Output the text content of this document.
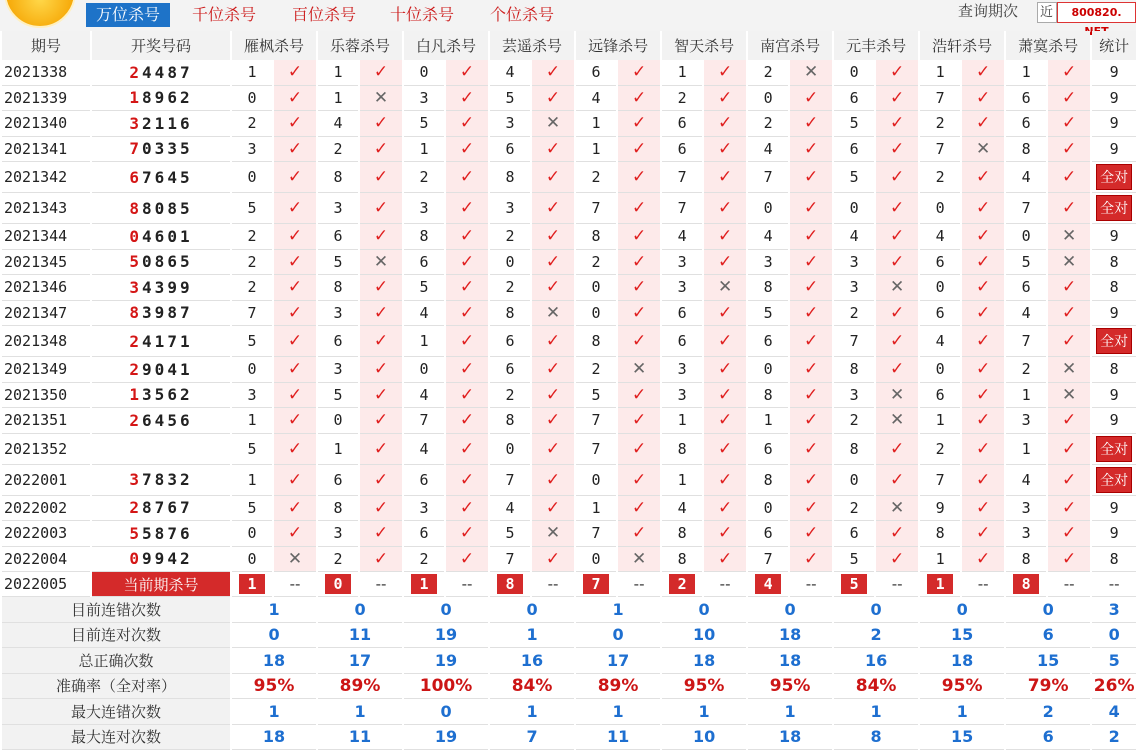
万位杀号	千位杀号 百位杀号 十位杀号 个位杀号	查询期次 近	800820.
期号	开奖号码	雁枫杀号		乐蓉杀号		白凡杀号		芸遥杀号		远锋杀号		智天杀号		南宫杀号		元丰杀号		浩轩杀号		萧寞杀号		统计
2021338	24487	1	✓	1	✓	0	✓	4	✓	6	✓	1	✓	2	✕	0	✓	1	✓	1	✓	9
2021339	18962	0	✓	1	✕	3	✓	5	✓	4	✓	2	✓	0	✓	6	✓	7	✓	6	✓	9
2021340	32116	2	✓	4	✓	5	✓	3	✕	1	✓	6	✓	2	✓	5	✓	2	✓	6	✓	9
2021341	70335	3	✓	2	✓	1	✓	6	✓	1	✓	6	✓	4	✓	6	✓	7	✕	8	✓	9
2021342	67645	0	✓	8	✓	2	✓	8	✓	2	✓	7	✓	7	✓	5	✓	2	✓	4	✓	全对
2021343	88085	5	✓	3	✓	3	✓	3	✓	7	✓	7	✓	0	✓	0	✓	0	✓	7	✓	全对
2021344	04601	2	✓	6	✓	8	✓	2	✓	8	✓	4	✓	4	✓	4	✓	4	✓	0	✕	9
2021345	50865	2	✓	5	✕	6	✓	0	✓	2	✓	3	✓	3	✓	3	✓	6	✓	5	✕	8
2021346	34399	2	✓	8	✓	5	✓	2	✓	0	✓	3	✕	8	✓	3	✕	0	✓	6	✓	8
2021347	83987	7	✓	3	✓	4	✓	8	✕	0	✓	6	✓	5	✓	2	✓	6	✓	4	✓	9
2021348	24171	5	✓	6	✓	1	✓	6	✓	8	✓	6	✓	6	✓	7	✓	4	✓	7	✓	全对
2021349	29041	0	✓	3	✓	0	✓	6	✓	2	✕	3	✓	0	✓	8	✓	0	✓	2	✕	8
2021350	13562	3	✓	5	✓	4	✓	2	✓	5	✓	3	✓	8	✓	3	✕	6	✓	1	✕	9
2021351	26456	1	✓	0	✓	7	✓	8	✓	7	✓	1	✓	1	✓	2	✕	1	✓	3	✓	9
2021352		5	✓	1	✓	4	✓	0	✓	7	✓	8	✓	6	✓	8	✓	2	✓	1	✓	全对
2022001	37832	1	✓	6	✓	6	✓	7	✓	0	✓	1	✓	8	✓	0	✓	7	✓	4	✓	全对
2022002	28767	5	✓	8	✓	3	✓	4	✓	1	✓	4	✓	0	✓	2	✕	9	✓	3	✓	9
2022003	55876	0	✓	3	✓	6	✓	5	✕	7	✓	8	✓	6	✓	6	✓	8	✓	3	✓	9
2022004	09942	0	✕	2	✓	2	✓	7	✓	0	✕	8	✓	7	✓	5	✓	1	✓	8	✓	8
2022005	当前期杀号	1	--	0	--	1	--	8	--	7	--	2	--	4	--	5	--	1	--	8	--	--
目前连错次数		1		0		0		0		1		0		0		0		0		0		3
目前连对次数		0		11		19		1		0		10		18		2		15		6		0
总正确次数		18		17		19		16		17		18		18		16		18		15		5
准确率（全对率）		95%		89%		100%		84%		89%		95%		95%		84%		95%		79%		26%
最大连错次数		1		1		0		1		1		1		1		1		1		2		4
最大连对次数		18		11		19		7		11		10		18		8		15		6		2
